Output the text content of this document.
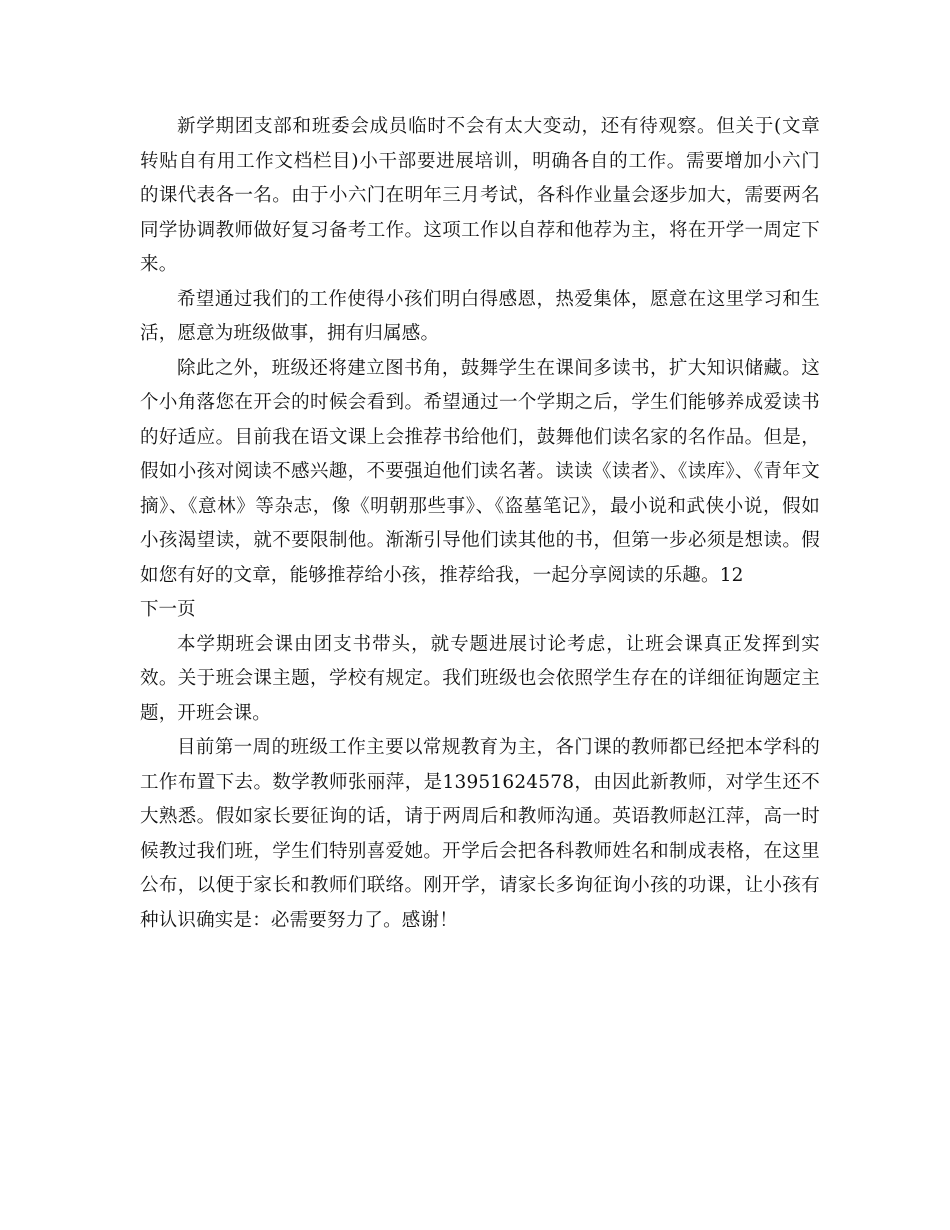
新学期团支部和班委会成员临时不会有太大变动，还有待观察。但关于(文章转贴自有用工作文档栏目)小干部要进展培训，明确各自的工作。需要增加小六门的课代表各一名。由于小六门在明年三月考试，各科作业量会逐步加大，需要两名同学协调教师做好复习备考工作。这项工作以自荐和他荐为主，将在开学一周定下来。

希望通过我们的工作使得小孩们明白得感恩，热爱集体，愿意在这里学习和生活，愿意为班级做事，拥有归属感。

除此之外，班级还将建立图书角，鼓舞学生在课间多读书，扩大知识储藏。这个小角落您在开会的时候会看到。希望通过一个学期之后，学生们能够养成爱读书的好适应。目前我在语文课上会推荐书给他们，鼓舞他们读名家的名作品。但是，假如小孩对阅读不感兴趣，不要强迫他们读名著。读读《读者》、《读库》、《青年文摘》、《意林》等杂志，像《明朝那些事》、《盗墓笔记》，最小说和武侠小说，假如小孩渴望读，就不要限制他。渐渐引导他们读其他的书，但第一步必须是想读。假如您有好的文章，能够推荐给小孩，推荐给我，一起分享阅读的乐趣。12

下一页

本学期班会课由团支书带头，就专题进展讨论考虑，让班会课真正发挥到实效。关于班会课主题，学校有规定。我们班级也会依照学生存在的详细征询题定主题，开班会课。

目前第一周的班级工作主要以常规教育为主，各门课的教师都已经把本学科的工作布置下去。数学教师张丽萍，是13951624578，由因此新教师，对学生还不大熟悉。假如家长要征询的话，请于两周后和教师沟通。英语教师赵江萍，高一时候教过我们班，学生们特别喜爱她。开学后会把各科教师姓名和制成表格，在这里公布，以便于家长和教师们联络。刚开学，请家长多询征询小孩的功课，让小孩有种认识确实是：必需要努力了。感谢！
